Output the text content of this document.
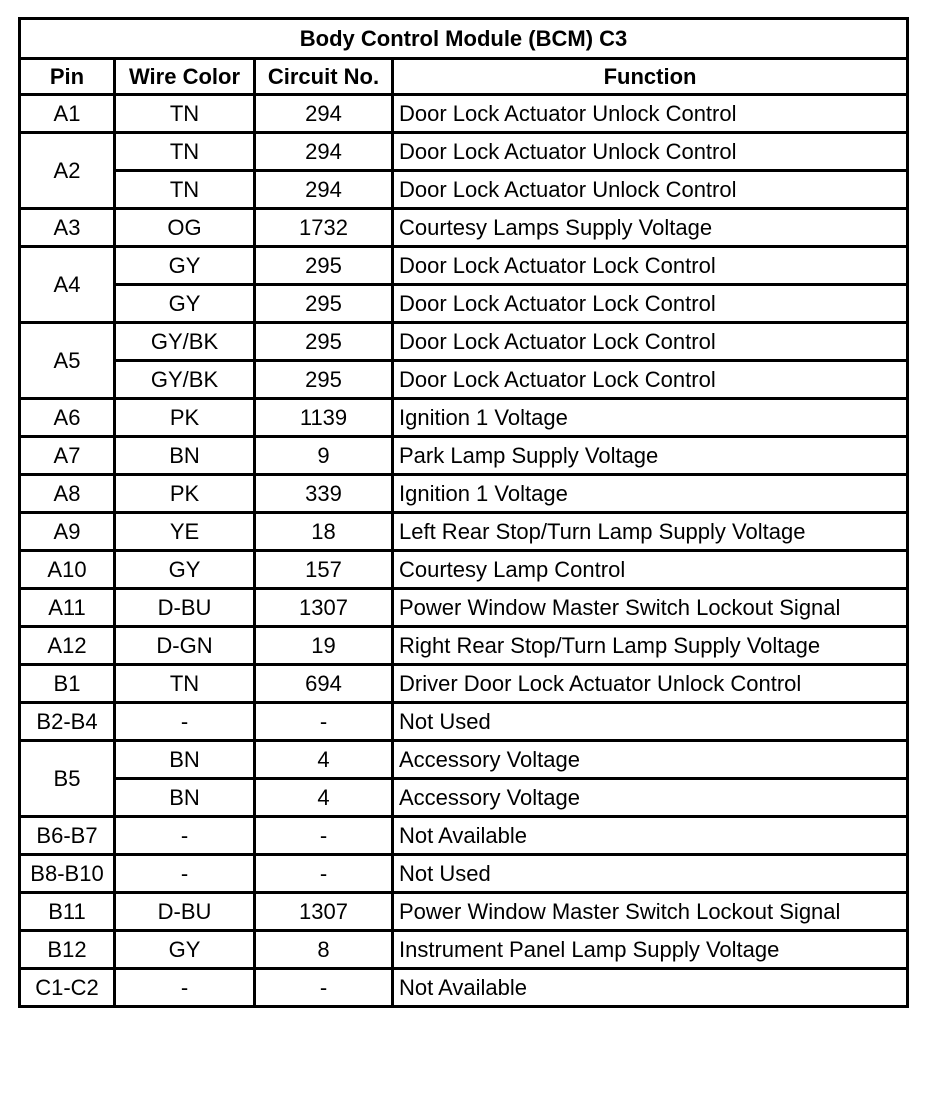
Body Control Module (BCM) C3			
Pin	Wire Color	Circuit No.	Function
A1	TN	294	Door Lock Actuator Unlock Control
A2	TN	294	Door Lock Actuator Unlock Control
	TN	294	Door Lock Actuator Unlock Control
A3	OG	1732	Courtesy Lamps Supply Voltage
A4	GY	295	Door Lock Actuator Lock Control
	GY	295	Door Lock Actuator Lock Control
A5	GY/BK	295	Door Lock Actuator Lock Control
	GY/BK	295	Door Lock Actuator Lock Control
A6	PK	1139	Ignition 1 Voltage
A7	BN	9	Park Lamp Supply Voltage
A8	PK	339	Ignition 1 Voltage
A9	YE	18	Left Rear Stop/Turn Lamp Supply Voltage
A10	GY	157	Courtesy Lamp Control
A11	D-BU	1307	Power Window Master Switch Lockout Signal
A12	D-GN	19	Right Rear Stop/Turn Lamp Supply Voltage
B1	TN	694	Driver Door Lock Actuator Unlock Control
B2-B4	-	-	Not Used
B5	BN	4	Accessory Voltage
	BN	4	Accessory Voltage
B6-B7	-	-	Not Available
B8-B10	-	-	Not Used
B11	D-BU	1307	Power Window Master Switch Lockout Signal
B12	GY	8	Instrument Panel Lamp Supply Voltage
C1-C2	-	-	Not Available
